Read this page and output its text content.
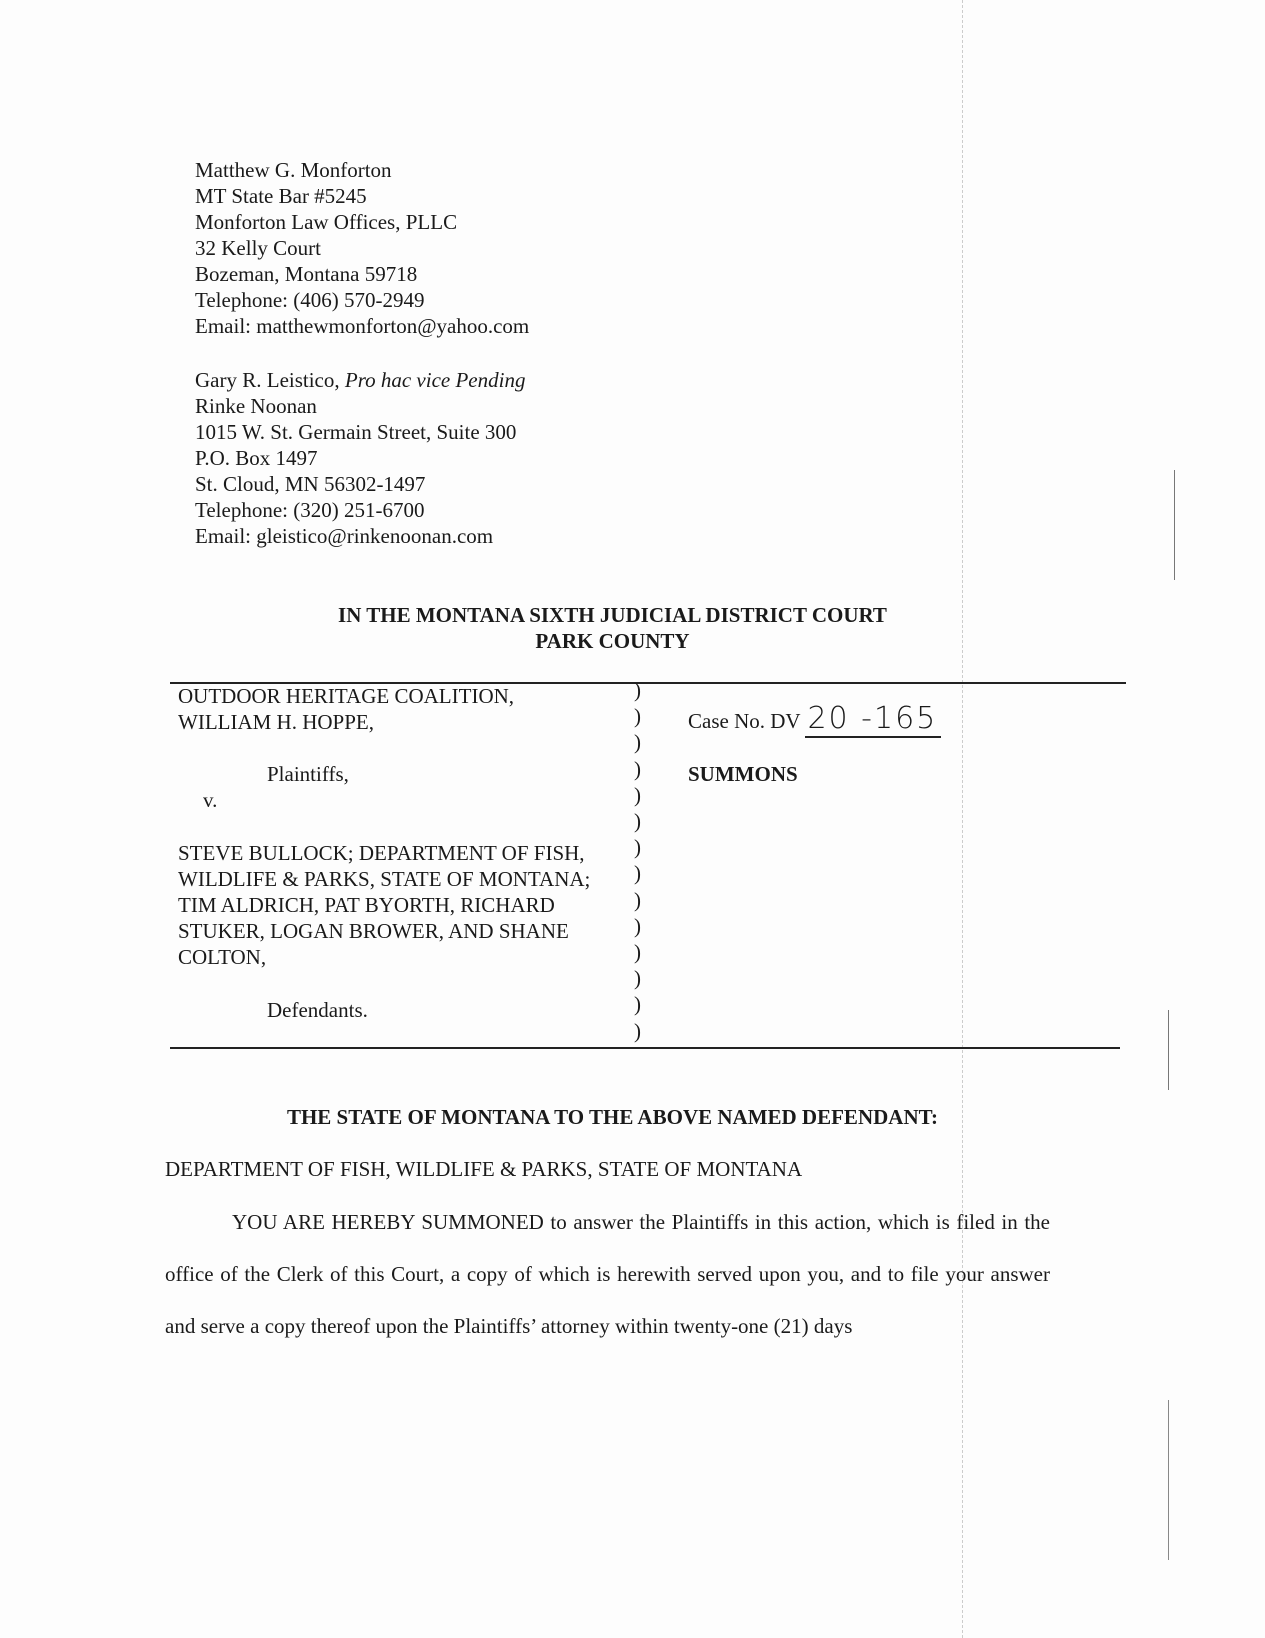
Matthew G. Monforton
MT State Bar #5245
Monforton Law Offices, PLLC
32 Kelly Court
Bozeman, Montana 59718
Telephone: (406) 570-2949
Email: matthewmonforton@yahoo.com
Gary R. Leistico, Pro hac vice Pending
Rinke Noonan
1015 W. St. Germain Street, Suite 300
P.O. Box 1497
St. Cloud, MN 56302-1497
Telephone: (320) 251-6700
Email: gleistico@rinkenoonan.com
IN THE MONTANA SIXTH JUDICIAL DISTRICT COURT
PARK COUNTY
OUTDOOR HERITAGE COALITION,
WILLIAM H. HOPPE,
Plaintiffs,
v.
STEVE BULLOCK; DEPARTMENT OF FISH,
WILDLIFE & PARKS, STATE OF MONTANA;
TIM ALDRICH, PAT BYORTH, RICHARD
STUKER, LOGAN BROWER, AND SHANE
COLTON,
Defendants.
)
)
)
)
)
)
)
)
)
)
)
)
)
)
Case No. DV 20 -165
SUMMONS
THE STATE OF MONTANA TO THE ABOVE NAMED DEFENDANT:
DEPARTMENT OF FISH, WILDLIFE & PARKS, STATE OF MONTANA
YOU ARE HEREBY SUMMONED to answer the Plaintiffs in this action, which is filed in the office of the Clerk of this Court, a copy of which is herewith served upon you, and to file your answer and serve a copy thereof upon the Plaintiffs’ attorney within twenty-one (21) days
